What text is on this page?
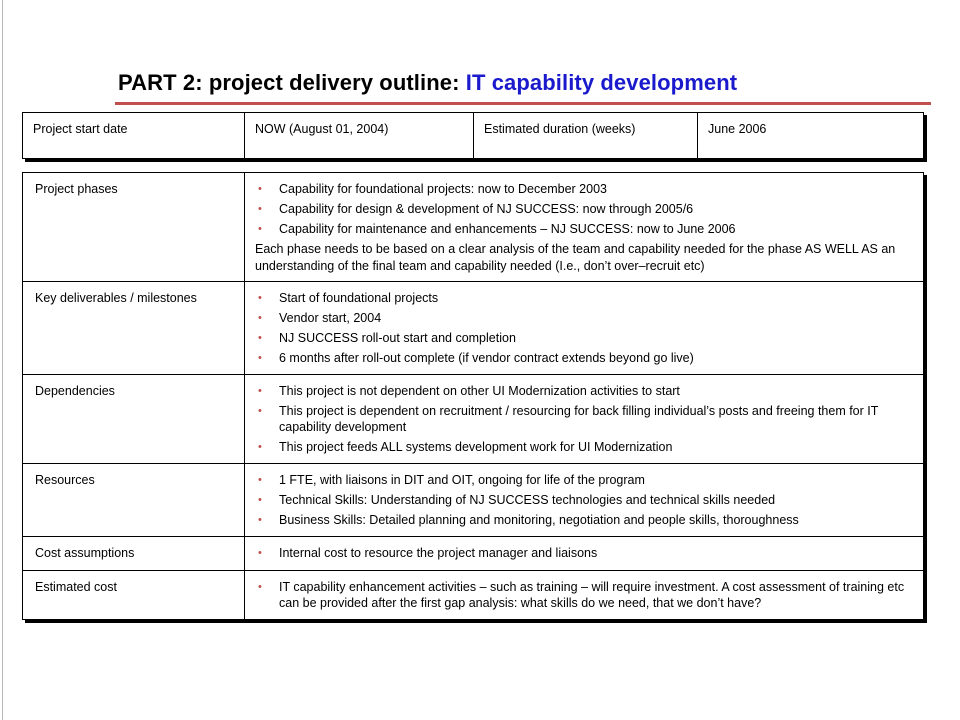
PART 2: project delivery outline: IT capability development
Project start date	NOW (August 01, 2004)	Estimated duration (weeks)	June 2006
Project phases	• Capability for foundational projects: now to December 2003
• Capability for design & development of NJ SUCCESS: now through 2005/6
• Capability for maintenance and enhancements – NJ SUCCESS: now to June 2006
Each phase needs to be based on a clear analysis of the team and capability needed for the phase AS WELL AS an understanding of the final team and capability needed (I.e., don’t over–recruit etc)
Key deliverables / milestones	• Start of foundational projects
• Vendor start, 2004
• NJ SUCCESS roll-out start and completion
• 6 months after roll-out complete (if vendor contract extends beyond go live)
Dependencies	• This project is not dependent on other UI Modernization activities to start
• This project is dependent on recruitment / resourcing for back filling individual’s posts and freeing them for IT capability development
• This project feeds ALL systems development work for UI Modernization
Resources	• 1 FTE, with liaisons in DIT and OIT, ongoing for life of the program
• Technical Skills: Understanding of NJ SUCCESS technologies and technical skills needed
• Business Skills: Detailed planning and monitoring, negotiation and people skills, thoroughness
Cost assumptions	• Internal cost to resource the project manager and liaisons
Estimated cost	• IT capability enhancement activities – such as training – will require investment. A cost assessment of training etc can be provided after the first gap analysis: what skills do we need, that we don’t have?
